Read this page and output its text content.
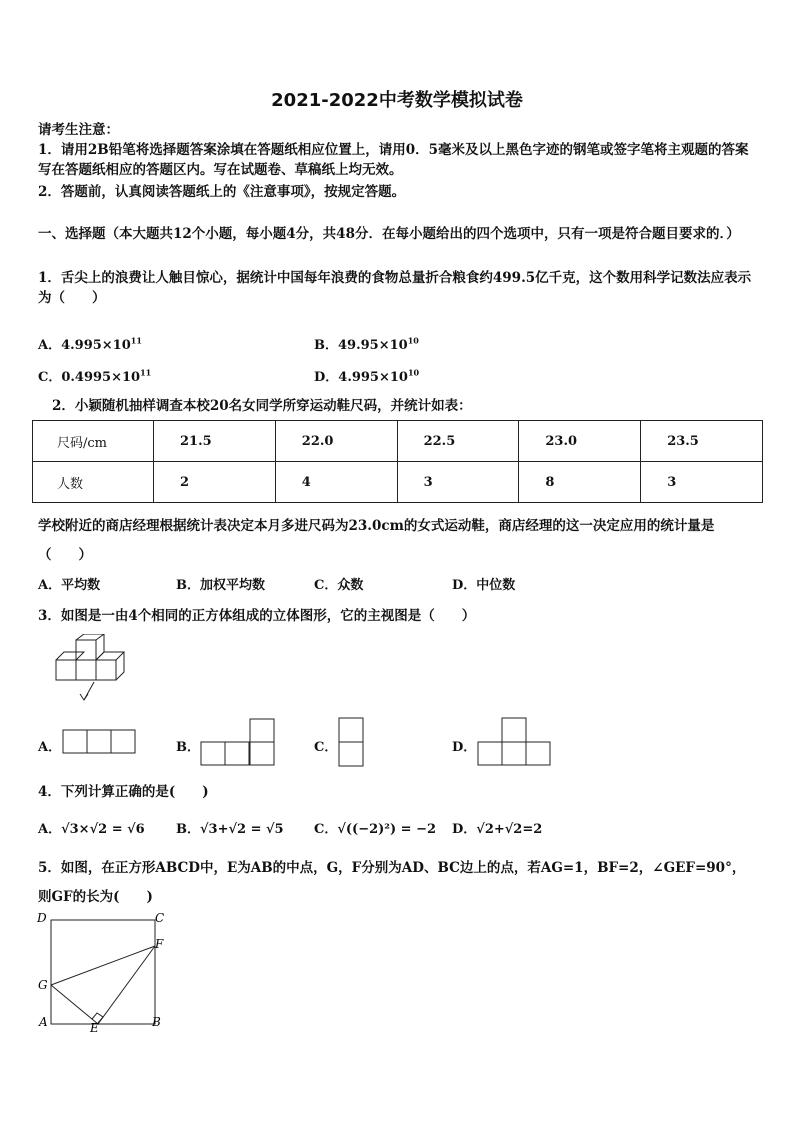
2021-2022中考数学模拟试卷
请考生注意：
1．请用2B铅笔将选择题答案涂填在答题纸相应位置上，请用0．5毫米及以上黑色字迹的钢笔或签字笔将主观题的答案写在答题纸相应的答题区内。写在试题卷、草稿纸上均无效。
2．答题前，认真阅读答题纸上的《注意事项》，按规定答题。
一、选择题（本大题共12个小题，每小题4分，共48分．在每小题给出的四个选项中，只有一项是符合题目要求的．）
1．舌尖上的浪费让人触目惊心，据统计中国每年浪费的食物总量折合粮食约499.5亿千克，这个数用科学记数法应表示为（　　）
A．$4.995\times 10^{11}$	B．$49.95\times 10^{10}$
C．$0.4995\times 10^{11}$	D．$4.995\times 10^{10}$
2．小颖随机抽样调查本校20名女同学所穿运动鞋尺码，并统计如表：
尺码/cm	21.5	22.0	22.5	23.0	23.5
人数	2	4	3	8	3
学校附近的商店经理根据统计表决定本月多进尺码为23.0cm的女式运动鞋，商店经理的这一决定应用的统计量是（　　）
A．平均数	B．加权平均数	C．众数	D．中位数
3．如图是一由4个相同的正方体组成的立体图形，它的主视图是（　　）
A．	B．	C．	D．
4．下列计算正确的是(　　)
A．√3×√2 = √6 B．√3+√2 = √5 C．√((−2)²) = −2 D．√2+√2=2
5．如图，在正方形ABCD中，E为AB的中点，G，F分别为AD、BC边上的点，若AG=1，BF=2，∠GEF=90°，则GF的长为(　　)
D	C
F
G
A	E	B
